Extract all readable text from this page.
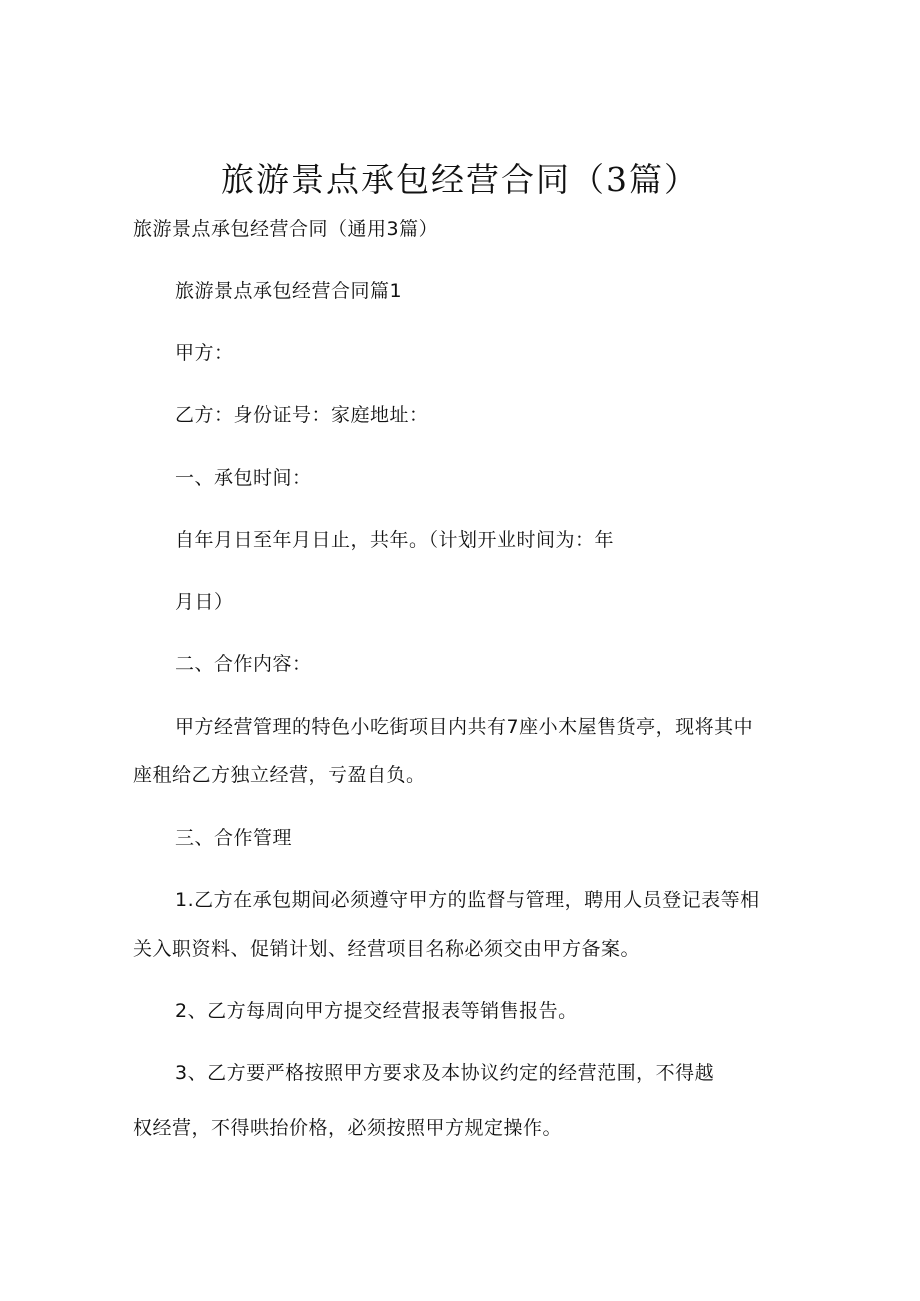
旅游景点承包经营合同（3篇）
旅游景点承包经营合同（通用3篇）
旅游景点承包经营合同篇1
甲方：
乙方：身份证号：家庭地址：
一、承包时间：
自年月日至年月日止，共年。（计划开业时间为：年
月日）
二、合作内容：
甲方经营管理的特色小吃街项目内共有7座小木屋售货亭，现将其中
座租给乙方独立经营，亏盈自负。
三、合作管理
1.乙方在承包期间必须遵守甲方的监督与管理，聘用人员登记表等相
关入职资料、促销计划、经营项目名称必须交由甲方备案。
2、乙方每周向甲方提交经营报表等销售报告。
3、乙方要严格按照甲方要求及本协议约定的经营范围，不得越
权经营，不得哄抬价格，必须按照甲方规定操作。
